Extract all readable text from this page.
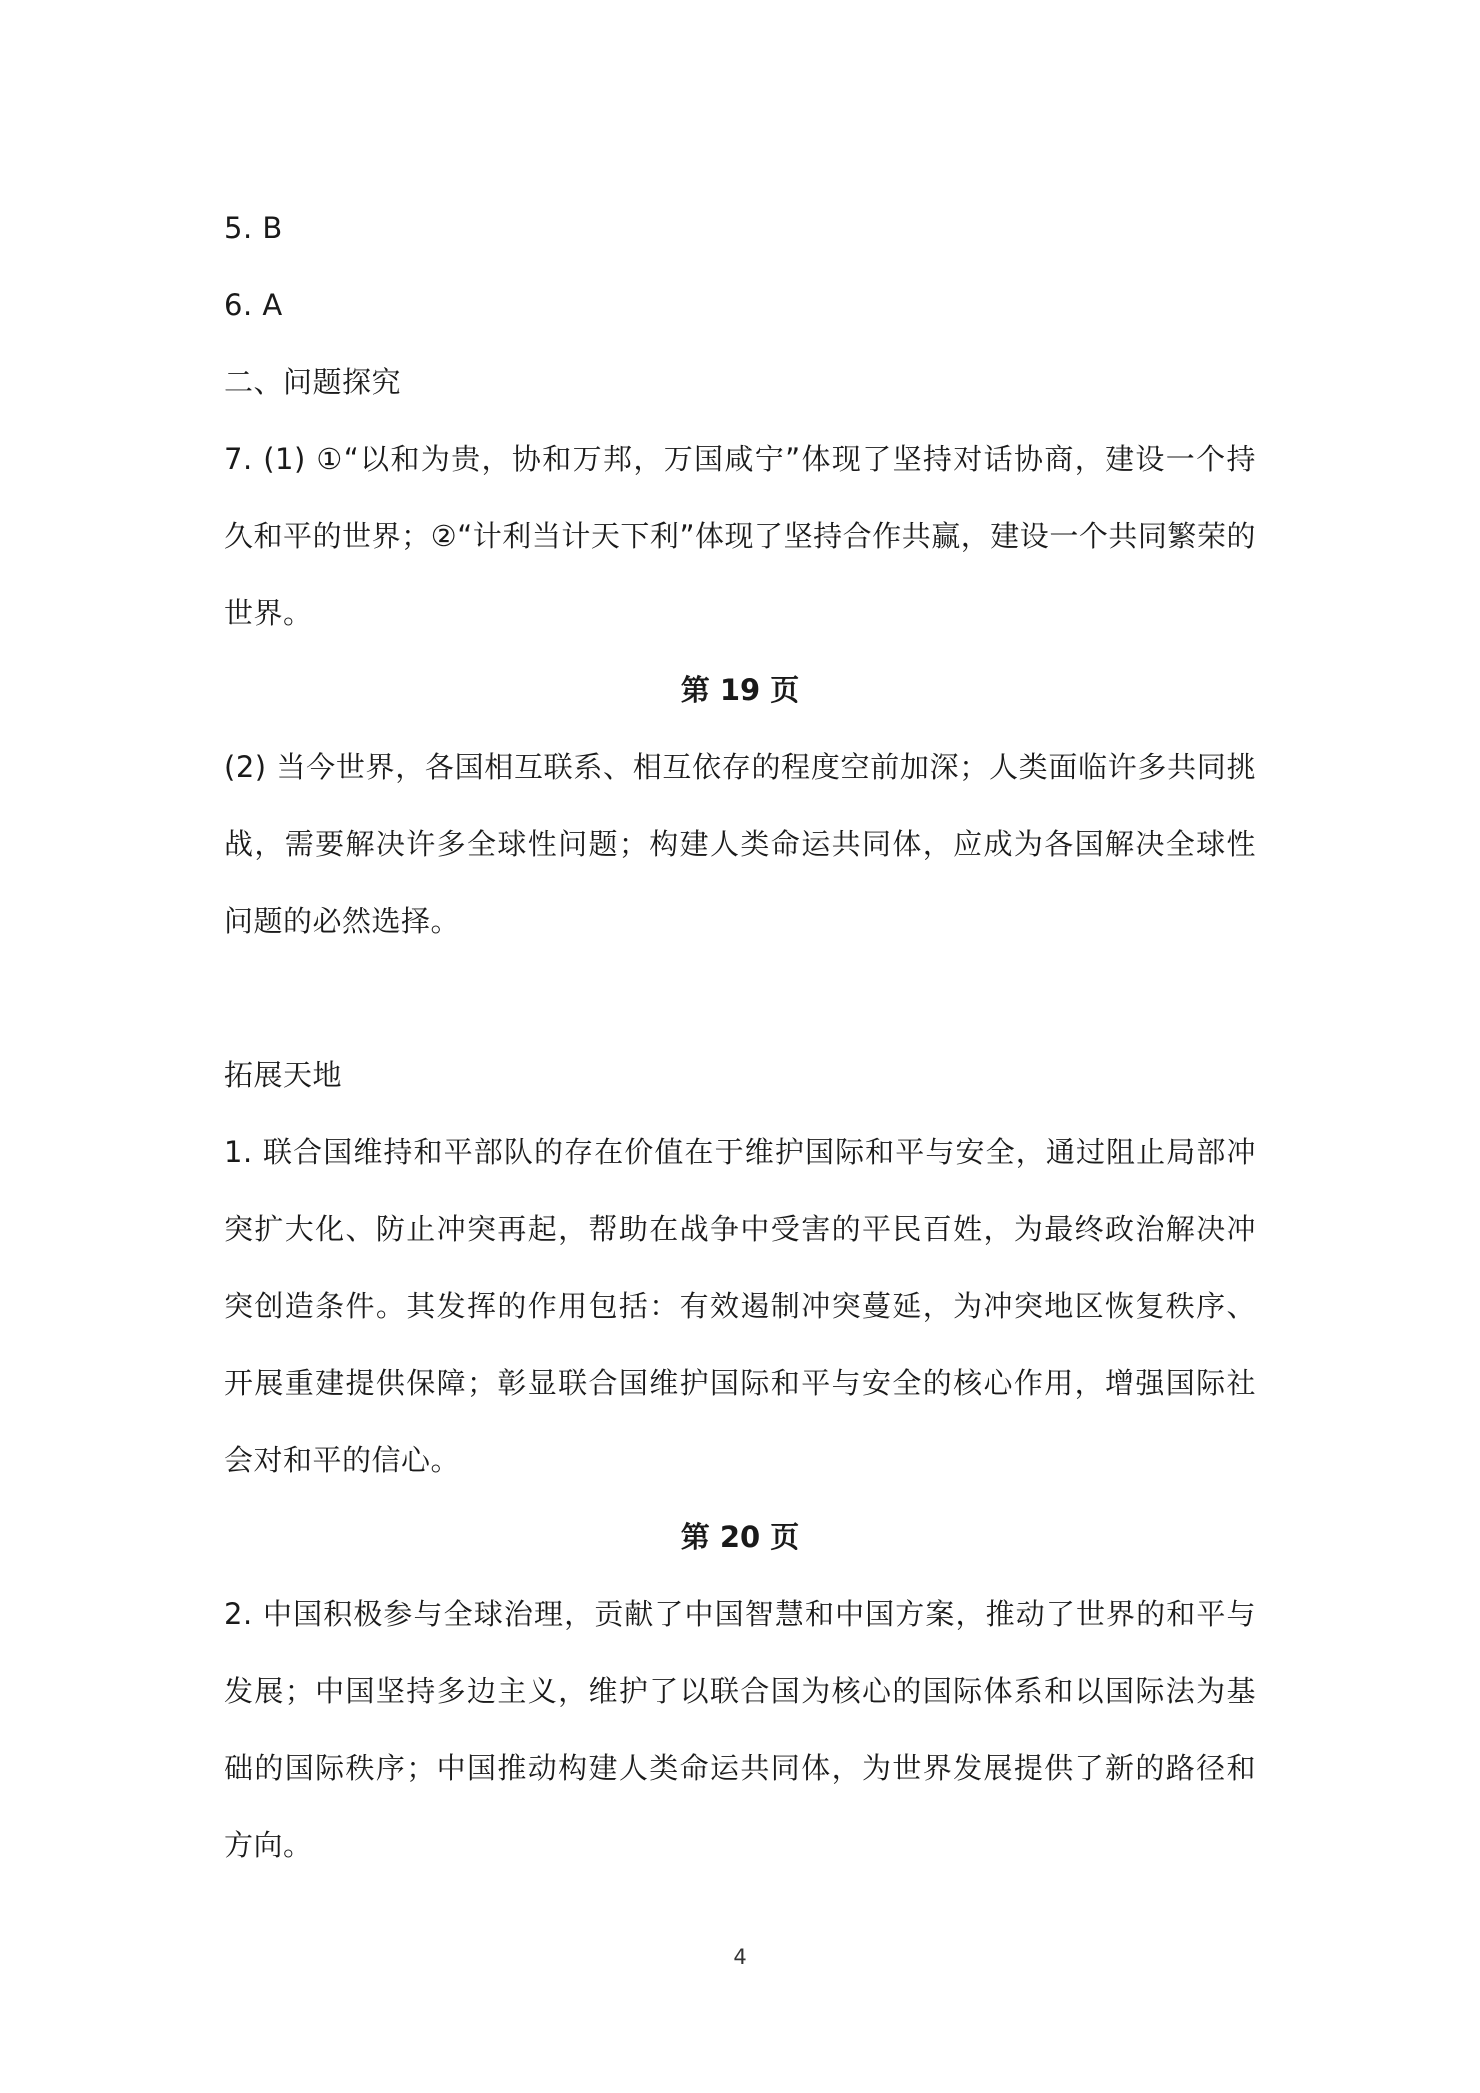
5. B
6. A
二、问题探究

7. (1) ①“以和为贵，协和万邦，万国咸宁”体现了坚持对话协商，建设一个持久和平的世界；②“计利当计天下利”体现了坚持合作共赢，建设一个共同繁荣的世界。

第 19 页

(2) 当今世界，各国相互联系、相互依存的程度空前加深；人类面临许多共同挑战，需要解决许多全球性问题；构建人类命运共同体，应成为各国解决全球性问题的必然选择。

拓展天地

1. 联合国维持和平部队的存在价值在于维护国际和平与安全，通过阻止局部冲突扩大化、防止冲突再起，帮助在战争中受害的平民百姓，为最终政治解决冲突创造条件。其发挥的作用包括：有效遏制冲突蔓延，为冲突地区恢复秩序、开展重建提供保障；彰显联合国维护国际和平与安全的核心作用，增强国际社会对和平的信心。

第 20 页

2. 中国积极参与全球治理，贡献了中国智慧和中国方案，推动了世界的和平与发展；中国坚持多边主义，维护了以联合国为核心的国际体系和以国际法为基础的国际秩序；中国推动构建人类命运共同体，为世界发展提供了新的路径和方向。

4
